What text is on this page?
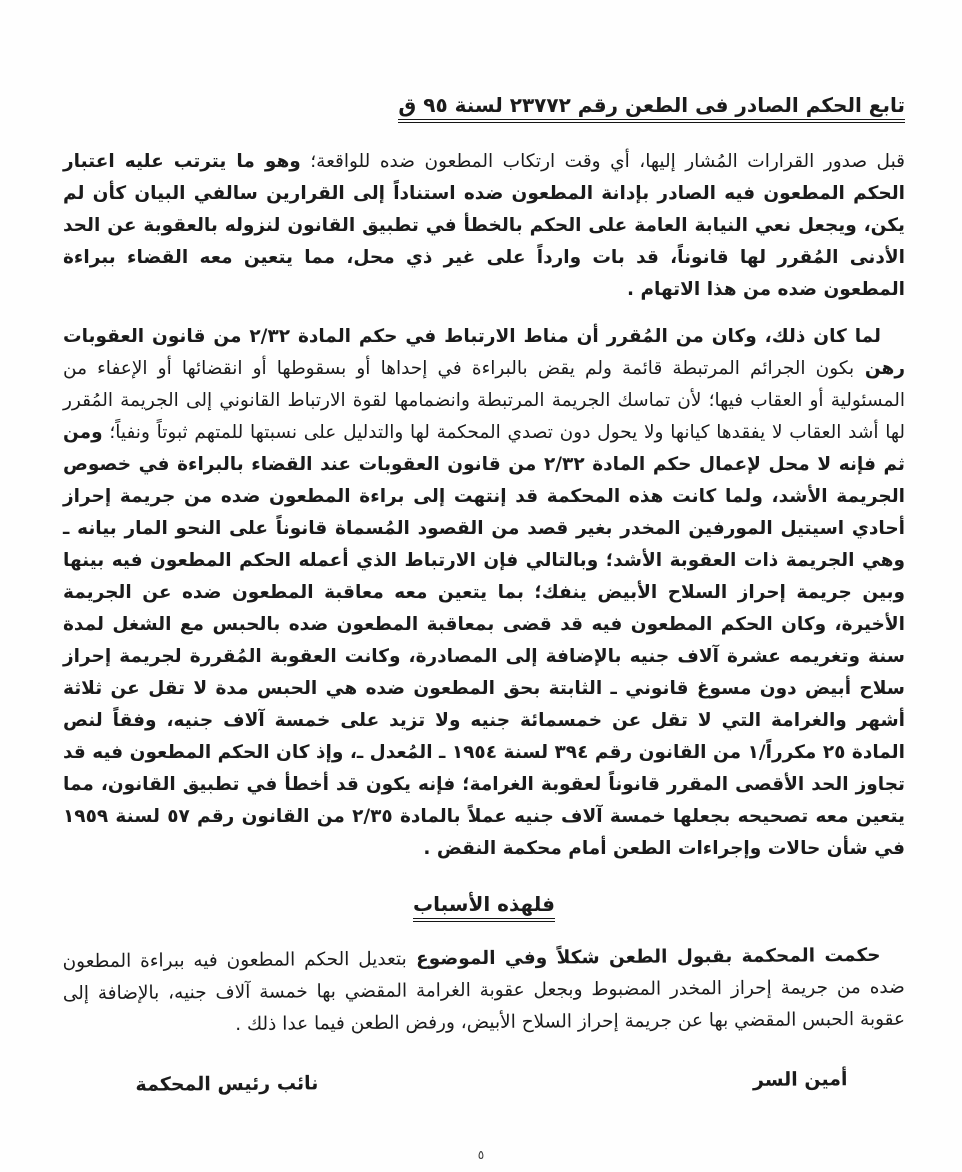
تابع الحكم الصادر فى الطعن رقم ٢٣٧٧٢ لسنة ٩٥ ق

قبل صدور القرارات المُشار إليها، أي وقت ارتكاب المطعون ضده للواقعة؛ وهو ما يترتب عليه اعتبار الحكم المطعون فيه الصادر بإدانة المطعون ضده استناداً إلى القرارين سالفي البيان كأن لم يكن، ويجعل نعي النيابة العامة على الحكم بالخطأ في تطبيق القانون لنزوله بالعقوبة عن الحد الأدنى المُقرر لها قانوناً، قد بات وارداً على غير ذي محل، مما يتعين معه القضاء ببراءة المطعون ضده من هذا الاتهام .

لما كان ذلك، وكان من المُقرر أن مناط الارتباط في حكم المادة ٢/٣٢ من قانون العقوبات رهن بكون الجرائم المرتبطة قائمة ولم يقض بالبراءة في إحداها أو بسقوطها أو انقضائها أو الإعفاء من المسئولية أو العقاب فيها؛ لأن تماسك الجريمة المرتبطة وانضمامها لقوة الارتباط القانوني إلى الجريمة المُقرر لها أشد العقاب لا يفقدها كيانها ولا يحول دون تصدي المحكمة لها والتدليل على نسبتها للمتهم ثبوتاً ونفياً؛ ومن ثم فإنه لا محل لإعمال حكم المادة ٢/٣٢ من قانون العقوبات عند القضاء بالبراءة في خصوص الجريمة الأشد، ولما كانت هذه المحكمة قد إنتهت إلى براءة المطعون ضده من جريمة إحراز أحادي اسيتيل المورفين المخدر بغير قصد من القصود المُسماة قانوناً على النحو المار بيانه ـ وهي الجريمة ذات العقوبة الأشد؛ وبالتالي فإن الارتباط الذي أعمله الحكم المطعون فيه بينها وبين جريمة إحراز السلاح الأبيض ينفك؛ بما يتعين معه معاقبة المطعون ضده عن الجريمة الأخيرة، وكان الحكم المطعون فيه قد قضى بمعاقبة المطعون ضده بالحبس مع الشغل لمدة سنة وتغريمه عشرة آلاف جنيه بالإضافة إلى المصادرة، وكانت العقوبة المُقررة لجريمة إحراز سلاح أبيض دون مسوغ قانوني ـ الثابتة بحق المطعون ضده هي الحبس مدة لا تقل عن ثلاثة أشهر والغرامة التي لا تقل عن خمسمائة جنيه ولا تزيد على خمسة آلاف جنيه، وفقاً لنص المادة ٢٥ مكرراً/١ من القانون رقم ٣٩٤ لسنة ١٩٥٤ ـ المُعدل ـ، وإذ كان الحكم المطعون فيه قد تجاوز الحد الأقصى المقرر قانوناً لعقوبة الغرامة؛ فإنه يكون قد أخطأ في تطبيق القانون، مما يتعين معه تصحيحه بجعلها خمسة آلاف جنيه عملاً بالمادة ٢/٣٥ من القانون رقم ٥٧ لسنة ١٩٥٩ في شأن حالات وإجراءات الطعن أمام محكمة النقض .

فلهذه الأسباب

حكمت المحكمة بقبول الطعن شكلاً وفي الموضوع بتعديل الحكم المطعون فيه ببراءة المطعون ضده من جريمة إحراز المخدر المضبوط وبجعل عقوبة الغرامة المقضي بها خمسة آلاف جنيه، بالإضافة إلى عقوبة الحبس المقضي بها عن جريمة إحراز السلاح الأبيض، ورفض الطعن فيما عدا ذلك .

أمين السر
نائب رئيس المحكمة
٥
